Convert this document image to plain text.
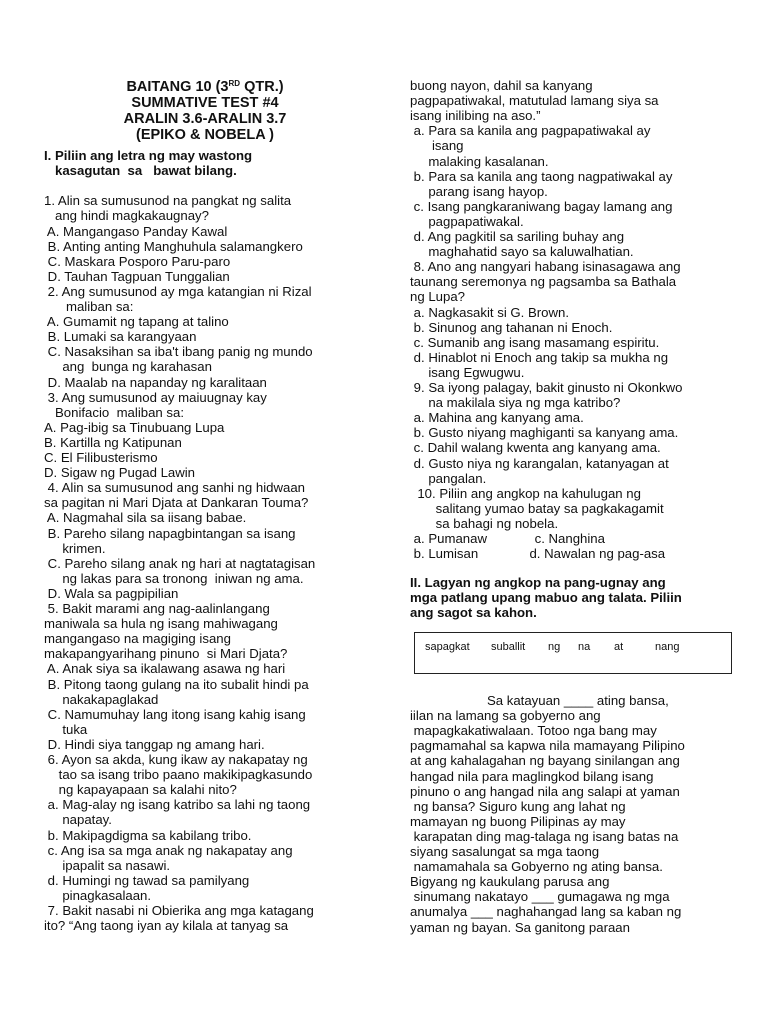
BAITANG 10 (3RD QTR.)
SUMMATIVE TEST #4
ARALIN 3.6-ARALIN 3.7
(EPIKO & NOBELA )
I. Piliin ang letra ng may wastong
kasagutan  sa   bawat bilang.
1. Alin sa sumusunod na pangkat ng salita
ang hindi magkakaugnay?
A. Mangangaso Panday Kawal
B. Anting anting Manghuhula salamangkero
C. Maskara Posporo Paru-paro
D. Tauhan Tagpuan Tunggalian
2. Ang sumusunod ay mga katangian ni Rizal
maliban sa:
A. Gumamit ng tapang at talino
B. Lumaki sa karangyaan
C. Nasaksihan sa iba't ibang panig ng mundo
ang  bunga ng karahasan
D. Maalab na napanday ng karalitaan
3. Ang sumusunod ay maiuugnay kay
Bonifacio  maliban sa:
A. Pag-ibig sa Tinubuang Lupa
B. Kartilla ng Katipunan
C. El Filibusterismo
D. Sigaw ng Pugad Lawin
4. Alin sa sumusunod ang sanhi ng hidwaan
sa pagitan ni Mari Djata at Dankaran Touma?
A. Nagmahal sila sa iisang babae.
B. Pareho silang napagbintangan sa isang
krimen.
C. Pareho silang anak ng hari at nagtatagisan
ng lakas para sa tronong  iniwan ng ama.
D. Wala sa pagpipilian
5. Bakit marami ang nag-aalinlangang
maniwala sa hula ng isang mahiwagang
mangangaso na magiging isang
makapangyarihang pinuno  si Mari Djata?
A. Anak siya sa ikalawang asawa ng hari
B. Pitong taong gulang na ito subalit hindi pa
nakakapaglakad
C. Namumuhay lang itong isang kahig isang
tuka
D. Hindi siya tanggap ng amang hari.
6. Ayon sa akda, kung ikaw ay nakapatay ng
tao sa isang tribo paano makikipagkasundo
ng kapayapaan sa kalahi nito?
a. Mag-alay ng isang katribo sa lahi ng taong
napatay.
b. Makipagdigma sa kabilang tribo.
c. Ang isa sa mga anak ng nakapatay ang
ipapalit sa nasawi.
d. Humingi ng tawad sa pamilyang
pinagkasalaan.
7. Bakit nasabi ni Obierika ang mga katagang
ito? “Ang taong iyan ay kilala at tanyag sa
buong nayon, dahil sa kanyang
pagpapatiwakal, matutulad lamang siya sa
isang inilibing na aso.”
a. Para sa kanila ang pagpapatiwakal ay
isang
malaking kasalanan.
b. Para sa kanila ang taong nagpatiwakal ay
parang isang hayop.
c. Isang pangkaraniwang bagay lamang ang
pagpapatiwakal.
d. Ang pagkitil sa sariling buhay ang
maghahatid sayo sa kaluwalhatian.
8. Ano ang nangyari habang isinasagawa ang
taunang seremonya ng pagsamba sa Bathala
ng Lupa?
a. Nagkasakit si G. Brown.
b. Sinunog ang tahanan ni Enoch.
c. Sumanib ang isang masamang espiritu.
d. Hinablot ni Enoch ang takip sa mukha ng
isang Egwugwu.
9. Sa iyong palagay, bakit ginusto ni Okonkwo
na makilala siya ng mga katribo?
a. Mahina ang kanyang ama.
b. Gusto niyang maghiganti sa kanyang ama.
c. Dahil walang kwenta ang kanyang ama.
d. Gusto niya ng karangalan, katanyagan at
pangalan.
10. Piliin ang angkop na kahulugan ng
salitang yumao batay sa pagkakagamit
sa bahagi ng nobela.
a. Pumanaw             c. Nanghina
b. Lumisan              d. Nawalan ng pag-asa
II. Lagyan ng angkop na pang-ugnay ang
mga patlang upang mabuo ang talata. Piliin
ang sagot sa kahon.
sapagkat suballit ng na at	nang
Sa katayuan ____ ating bansa,
iilan na lamang sa gobyerno ang
mapagkakatiwalaan. Totoo nga bang may
pagmamahal sa kapwa nila mamayang Pilipino
at ang kahalagahan ng bayang sinilangan ang
hangad nila para maglingkod bilang isang
pinuno o ang hangad nila ang salapi at yaman
ng bansa? Siguro kung ang lahat ng
mamayan ng buong Pilipinas ay may
karapatan ding mag-talaga ng isang batas na
siyang sasalungat sa mga taong
namamahala sa Gobyerno ng ating bansa.
Bigyang ng kaukulang parusa ang
sinumang nakatayo ___ gumagawa ng mga
anumalya ___ naghahangad lang sa kaban ng
yaman ng bayan. Sa ganitong paraan
